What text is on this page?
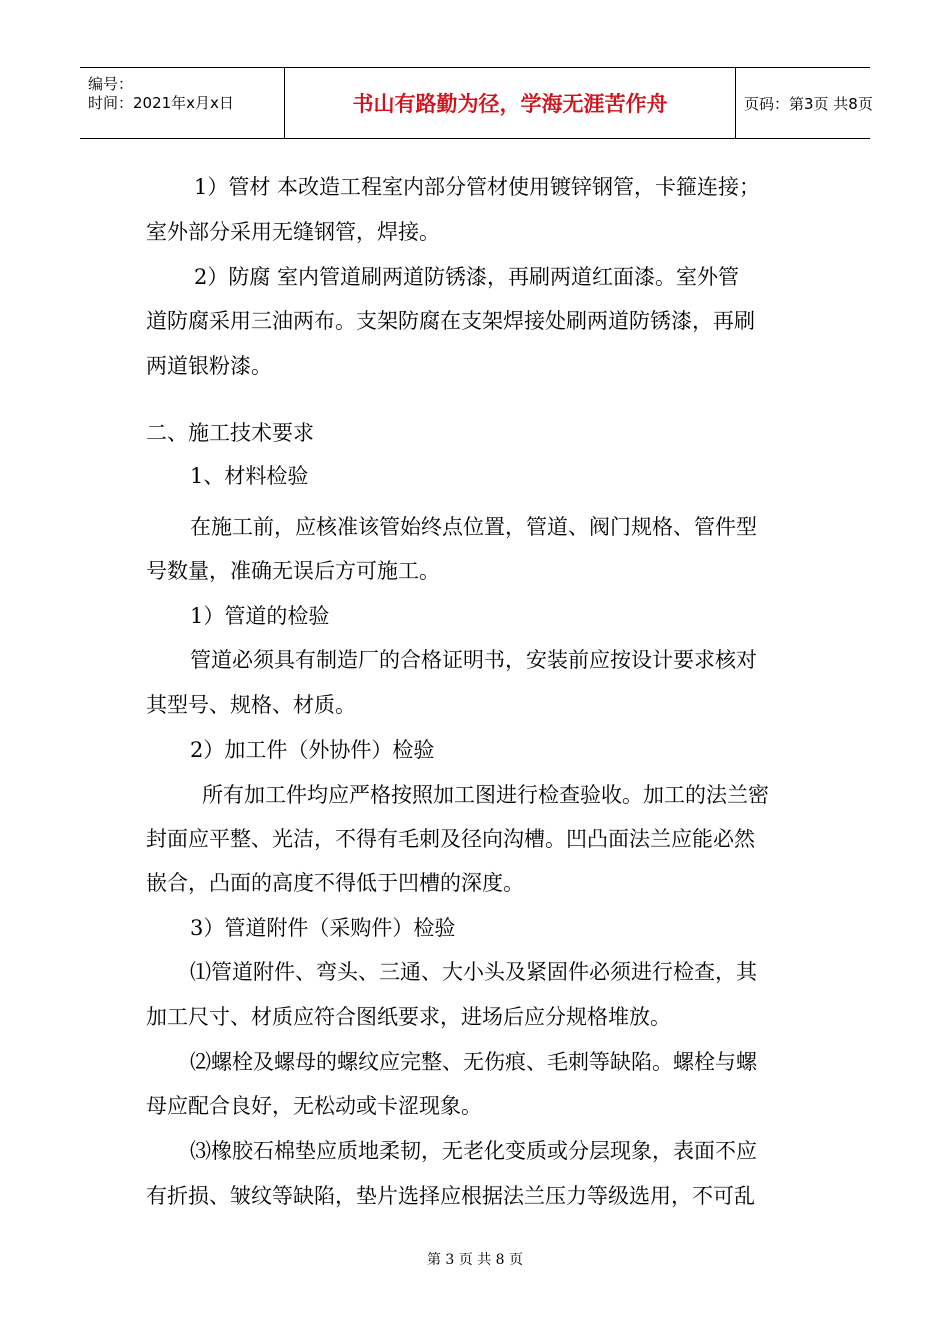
编号：
时间：2021年x月x日	书山有路勤为径，学海无涯苦作舟	页码：第3页 共8页
1）管材 本改造工程室内部分管材使用镀锌钢管，卡箍连接；
室外部分采用无缝钢管，焊接。
2）防腐 室内管道刷两道防锈漆，再刷两道红面漆。室外管
道防腐采用三油两布。支架防腐在支架焊接处刷两道防锈漆，再刷
两道银粉漆。
二、施工技术要求
1、材料检验
在施工前，应核准该管始终点位置，管道、阀门规格、管件型
号数量，准确无误后方可施工。
1）管道的检验
管道必须具有制造厂的合格证明书，安装前应按设计要求核对
其型号、规格、材质。
2）加工件（外协件）检验
所有加工件均应严格按照加工图进行检查验收。加工的法兰密
封面应平整、光洁，不得有毛刺及径向沟槽。凹凸面法兰应能必然
嵌合，凸面的高度不得低于凹槽的深度。
3）管道附件（采购件）检验
⑴管道附件、弯头、三通、大小头及紧固件必须进行检查，其
加工尺寸、材质应符合图纸要求，进场后应分规格堆放。
⑵螺栓及螺母的螺纹应完整、无伤痕、毛刺等缺陷。螺栓与螺
母应配合良好，无松动或卡涩现象。
⑶橡胶石棉垫应质地柔韧，无老化变质或分层现象，表面不应
有折损、皱纹等缺陷，垫片选择应根据法兰压力等级选用，不可乱
第 3 页 共 8 页
